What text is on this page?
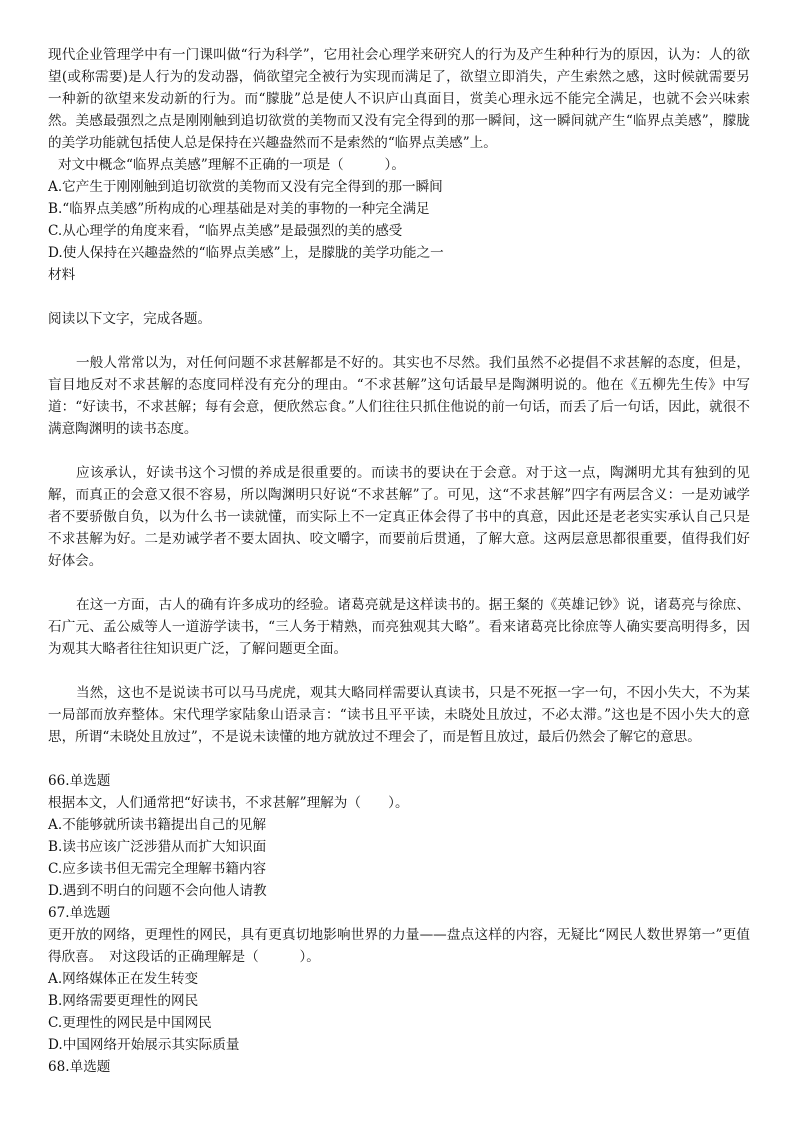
现代企业管理学中有一门课叫做“行为科学”，它用社会心理学来研究人的行为及产生种种行为的原因，认为：人的欲望(或称需要)是人行为的发动器，倘欲望完全被行为实现而满足了，欲望立即消失，产生索然之感，这时候就需要另一种新的欲望来发动新的行为。而“朦胧”总是使人不识庐山真面目，赏美心理永远不能完全满足，也就不会兴味索然。美感最强烈之点是刚刚触到追切欲赏的美物而又没有完全得到的那一瞬间，这一瞬间就产生“临界点美感”，朦胧的美学功能就包括使人总是保持在兴趣盎然而不是索然的“临界点美感”上。

对文中概念“临界点美感”理解不正确的一项是（　　　）。

A.它产生于刚刚触到追切欲赏的美物而又没有完全得到的那一瞬间

B.“临界点美感”所构成的心理基础是对美的事物的一种完全满足

C.从心理学的角度来看，“临界点美感”是最强烈的美的感受

D.使人保持在兴趣盎然的“临界点美感”上，是朦胧的美学功能之一

材料

阅读以下文字，完成各题。

一般人常常以为，对任何问题不求甚解都是不好的。其实也不尽然。我们虽然不必提倡不求甚解的态度，但是，盲目地反对不求甚解的态度同样没有充分的理由。“不求甚解”这句话最早是陶渊明说的。他在《五柳先生传》中写道：“好读书，不求甚解；每有会意，便欣然忘食。”人们往往只抓住他说的前一句话，而丢了后一句话，因此，就很不满意陶渊明的读书态度。

应该承认，好读书这个习惯的养成是很重要的。而读书的要诀在于会意。对于这一点，陶渊明尤其有独到的见解，而真正的会意又很不容易，所以陶渊明只好说“不求甚解”了。可见，这“不求甚解”四字有两层含义：一是劝诫学者不要骄傲自负，以为什么书一读就懂，而实际上不一定真正体会得了书中的真意，因此还是老老实实承认自己只是不求甚解为好。二是劝诫学者不要太固执、咬文嚼字，而要前后贯通，了解大意。这两层意思都很重要，值得我们好好体会。

在这一方面，古人的确有许多成功的经验。诸葛亮就是这样读书的。据王粲的《英雄记钞》说，诸葛亮与徐庶、石广元、孟公威等人一道游学读书，“三人务于精熟，而亮独观其大略”。看来诸葛亮比徐庶等人确实要高明得多，因为观其大略者往往知识更广泛，了解问题更全面。

当然，这也不是说读书可以马马虎虎，观其大略同样需要认真读书，只是不死抠一字一句，不因小失大，不为某一局部而放弃整体。宋代理学家陆象山语录言：“读书且平平读，未晓处且放过，不必太滞。”这也是不因小失大的意思，所谓“未晓处且放过”，不是说未读懂的地方就放过不理会了，而是暂且放过，最后仍然会了解它的意思。

66.单选题

根据本文，人们通常把“好读书，不求甚解”理解为（　　）。

A.不能够就所读书籍提出自己的见解

B.读书应该广泛涉猎从而扩大知识面

C.应多读书但无需完全理解书籍内容

D.遇到不明白的问题不会向他人请教

67.单选题

更开放的网络，更理性的网民，具有更真切地影响世界的力量——盘点这样的内容，无疑比“网民人数世界第一”更值得欣喜。　对这段话的正确理解是（　　　）。

A.网络媒体正在发生转变

B.网络需要更理性的网民

C.更理性的网民是中国网民

D.中国网络开始展示其实际质量

68.单选题
